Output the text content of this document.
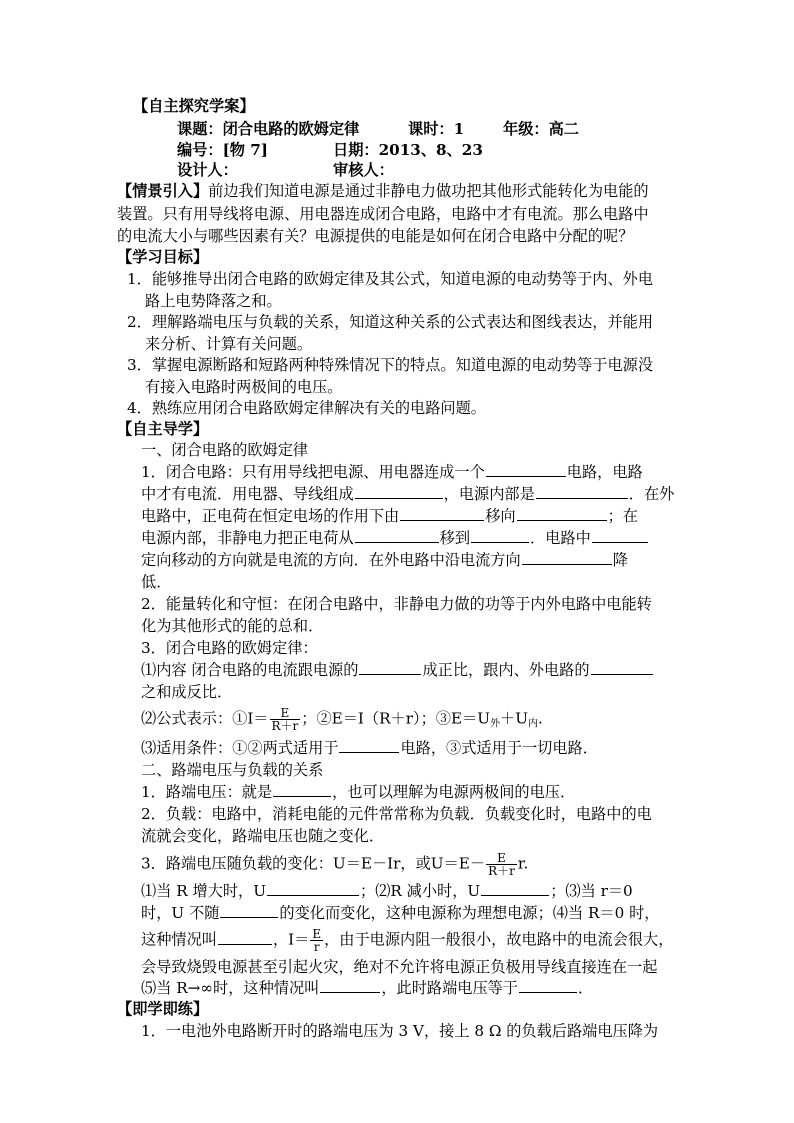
【自主探究学案】
课题：闭合电路的欧姆定律	课时：1	年级：高二
编号：[物 7]	日期：2013、8、23
设计人：	审核人：
【情景引入】前边我们知道电源是通过非静电力做功把其他形式能转化为电能的
装置。只有用导线将电源、用电器连成闭合电路，电路中才有电流。那么电路中
的电流大小与哪些因素有关？电源提供的电能是如何在闭合电路中分配的呢？
【学习目标】
1．能够推导出闭合电路的欧姆定律及其公式，知道电源的电动势等于内、外电
路上电势降落之和。
2．理解路端电压与负载的关系，知道这种关系的公式表达和图线表达，并能用
来分析、计算有关问题。
3．掌握电源断路和短路两种特殊情况下的特点。知道电源的电动势等于电源没
有接入电路时两极间的电压。
4．熟练应用闭合电路欧姆定律解决有关的电路问题。
【自主导学】
一、闭合电路的欧姆定律
1．闭合电路：只有用导线把电源、用电器连成一个	电路，电路
中才有电流．用电器、导线组成	，电源内部是	．在外
电路中，正电荷在恒定电场的作用下由	移向	；在
电源内部，非静电力把正电荷从	移到	．电路中
定向移动的方向就是电流的方向．在外电路中沿电流方向	降
低．
2．能量转化和守恒：在闭合电路中，非静电力做的功等于内外电路中电能转
化为其他形式的能的总和．
3．闭合电路的欧姆定律：
⑴内容 闭合电路的电流跟电源的	成正比，跟内、外电路的
之和成反比．
⑵公式表示：①I＝ $\frac{E}{R+r}$ ；②E＝I（R＋r）；$③E=U_外+U_内$.
⑶适用条件：①②两式适用于	电路，③式适用于一切电路．
二、路端电压与负载的关系
1．路端电压：就是	，也可以理解为电源两极间的电压．
2．负载：电路中，消耗电能的元件常常称为负载．负载变化时，电路中的电
流就会变化，路端电压也随之变化．
3．路端电压随负载的变化：U＝E－Ir，或$U=E- \frac{E}{R+r} r$.
⑴当 R 增大时，U	；⑵R 减小时，U	；⑶当 r＝0
时，U 不随	的变化而变化，这种电源称为理想电源；⑷当 R＝0 时，
这种情况叫	，$I= \frac{E}{r}$ ，由于电源内阻一般很小，故电路中的电流会很大，
会导致烧毁电源甚至引起火灾，绝对不允许将电源正负极用导线直接连在一起
⑸当 R→∞时，这种情况叫	，此时路端电压等于	．
【即学即练】
1．一电池外电路断开时的路端电压为 3 V，接上 8 Ω 的负载后路端电压降为
